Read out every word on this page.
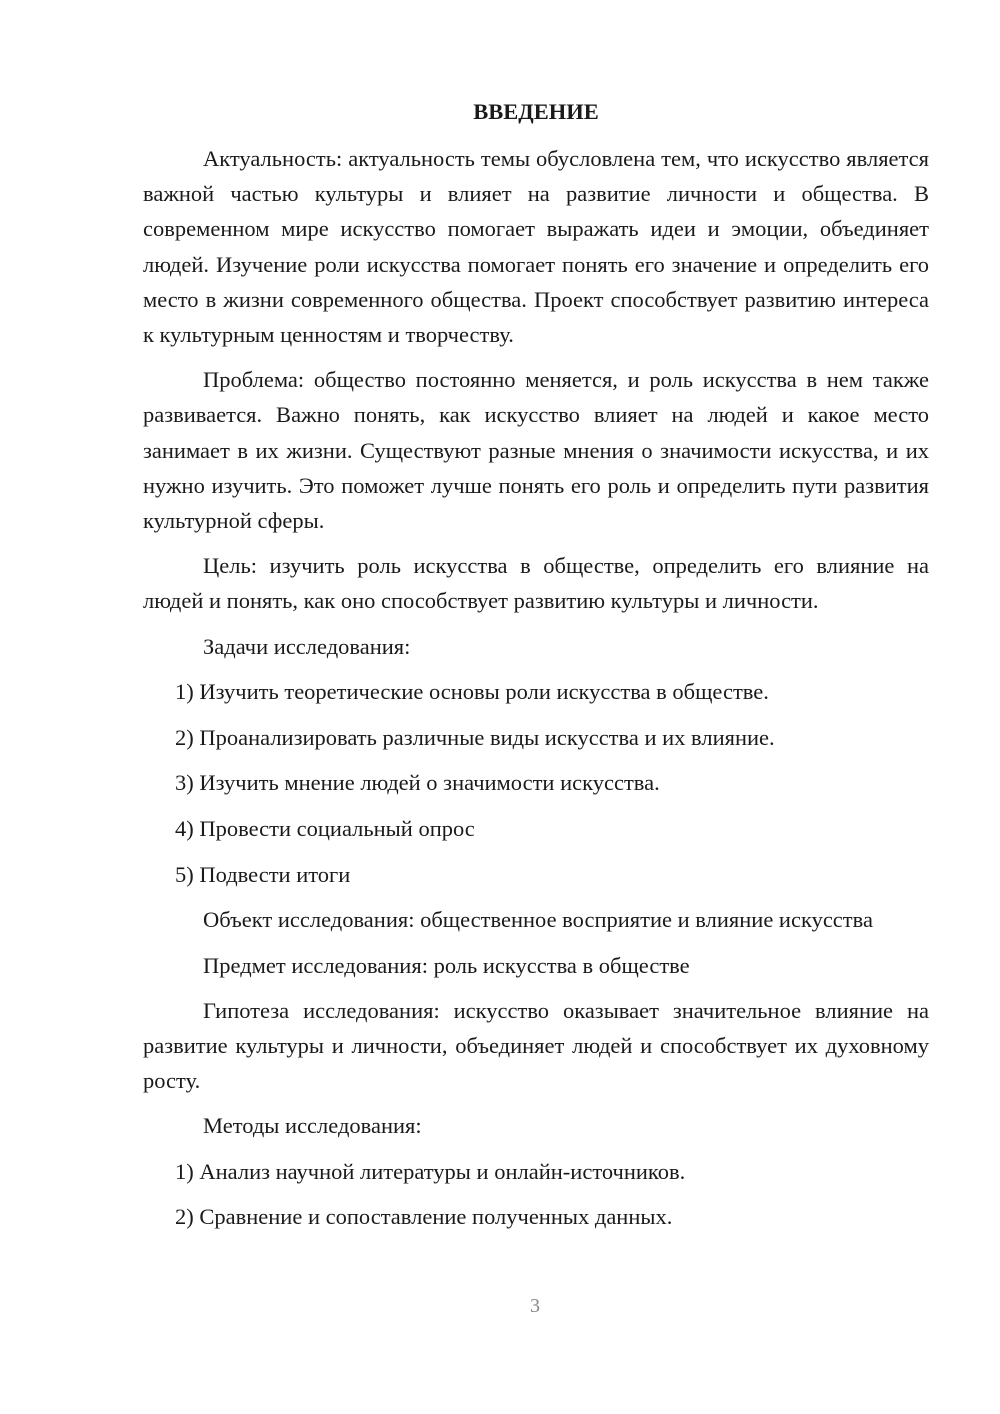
ВВЕДЕНИЕ

Актуальность: актуальность темы обусловлена тем, что искусство является важной частью культуры и влияет на развитие личности и общества. В современном мире искусство помогает выражать идеи и эмоции, объединяет людей. Изучение роли искусства помогает понять его значение и определить его место в жизни современного общества. Проект способствует развитию интереса к культурным ценностям и творчеству.

Проблема: общество постоянно меняется, и роль искусства в нем также развивается. Важно понять, как искусство влияет на людей и какое место занимает в их жизни. Существуют разные мнения о значимости искусства, и их нужно изучить. Это поможет лучше понять его роль и определить пути развития культурной сферы.

Цель: изучить роль искусства в обществе, определить его влияние на людей и понять, как оно способствует развитию культуры и личности.

Задачи исследования:

1) Изучить теоретические основы роли искусства в обществе.

2) Проанализировать различные виды искусства и их влияние.

3) Изучить мнение людей о значимости искусства.

4) Провести социальный опрос

5) Подвести итоги

Объект исследования: общественное восприятие и влияние искусства

Предмет исследования: роль искусства в обществе

Гипотеза исследования: искусство оказывает значительное влияние на развитие культуры и личности, объединяет людей и способствует их духовному росту.

Методы исследования:

1) Анализ научной литературы и онлайн-источников.

2) Сравнение и сопоставление полученных данных.

3
